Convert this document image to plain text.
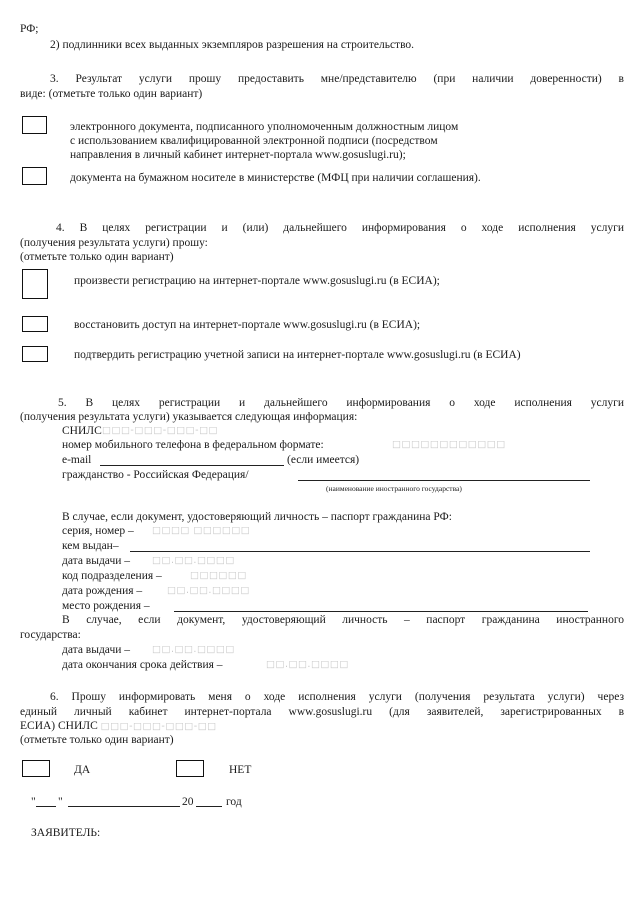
РФ;
2) подлинники всех выданных экземпляров разрешения на строительство.
3. Результат услуги прошу предоставить мне/представителю (при наличии доверенности) в
виде: (отметьте только один вариант)
электронного документа, подписанного уполномоченным должностным лицом
с использованием квалифицированной электронной подписи (посредством
направления в личный кабинет интернет-портала www.gosuslugi.ru);
документа на бумажном носителе в министерстве (МФЦ при наличии соглашения).
4. В целях регистрации и (или) дальнейшего информирования о ходе исполнения услуги
(получения результата услуги) прошу:
(отметьте только один вариант)
произвести регистрацию на интернет-портале www.gosuslugi.ru (в ЕСИА);
восстановить доступ на интернет-портале www.gosuslugi.ru (в ЕСИА);
подтвердить регистрацию учетной записи на интернет-портале www.gosuslugi.ru (в ЕСИА)
5. В целях регистрации и дальнейшего информирования о ходе исполнения услуги
(получения результата услуги) указывается следующая информация:
СНИЛС □□□-□□□-□□□-□□
номер мобильного телефона в федеральном формате:	□□□□□□□□□□□□
e-mail	(если имеется)
гражданство - Российская Федерация/
(наименование иностранного государства)
В случае, если документ, удостоверяющий личность – паспорт гражданина РФ:
серия, номер – □□□□ □□□□□□
кем выдан–
дата выдачи – □□.□□.□□□□
код подразделения –	□□□□□□
дата рождения –	□□.□□.□□□□
место рождения –
В случае, если документ, удостоверяющий личность – паспорт гражданина иностранного
государства:
дата выдачи – □□.□□.□□□□
дата окончания срока действия –	□□.□□.□□□□
6. Прошу информировать меня о ходе исполнения услуги (получения результата услуги) через
единый личный кабинет интернет-портала www.gosuslugi.ru (для заявителей, зарегистрированных в
ЕСИА) СНИЛС □□□-□□□-□□□-□□
(отметьте только один вариант)
ДА	НЕТ
" "	20	год
ЗАЯВИТЕЛЬ:
